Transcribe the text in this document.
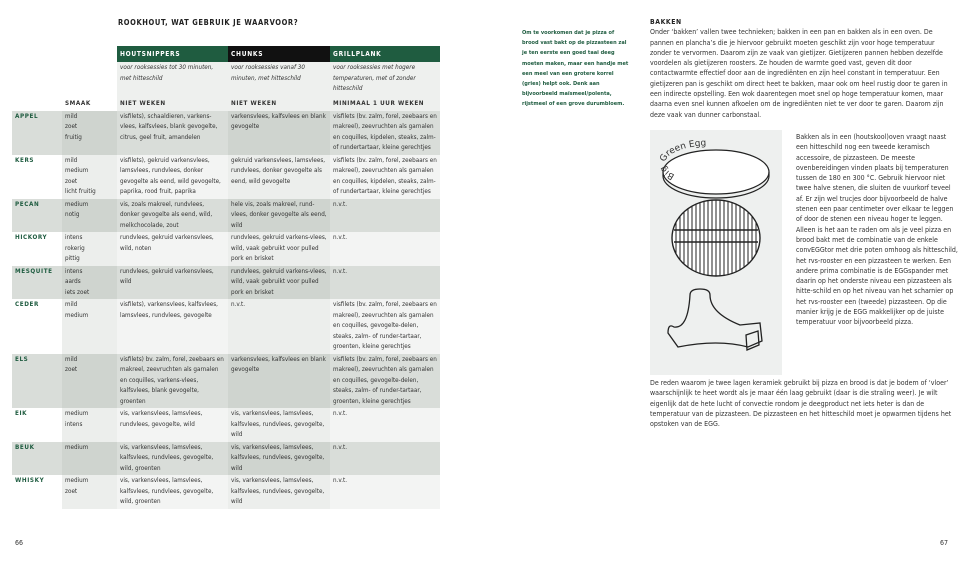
ROOKHOUT, WAT GEBRUIK JE WAARVOOR?
		HOUTSNIPPERS	CHUNKS	GRILLPLANK
		voor rooksessies tot 30 minuten, met hitteschild	voor rooksessies vanaf 30 minuten, met hitteschild	voor rooksessies met hogere temperaturen, met of zonder hitteschild
	SMAAK	NIET WEKEN	NIET WEKEN	MINIMAAL 1 UUR WEKEN
APPEL	mild
zoet
fruitig	visfilets), schaaldieren, varkens-vlees, kalfsvlees, blank gevogelte, citrus, geel fruit, amandelen	varkensvlees, kalfsvlees en blank gevogelte	visfilets (bv. zalm, forel, zeebaars en makreel), zeevruchten als garnalen en coquilles, kipdelen, steaks, zalm- of rundertartaar, kleine gerechtjes
KERS	mild
medium
zoet
licht fruitig	visfilets), gekruid varkensvlees, lamsvlees, rundvlees, donker gevogelte als eend, wild gevogelte, paprika, rood fruit, paprika	gekruid varkensvlees, lamsvlees, rundvlees, donker gevogelte als eend, wild gevogelte	visfilets (bv. zalm, forel, zeebaars en makreel), zeevruchten als garnalen en coquilles, kipdelen, steaks, zalm- of rundertartaar, kleine gerechtjes
PECAN	medium
notig	vis, zoals makreel, rundvlees, donker gevogelte als eend, wild, melkchocolade, zout	hele vis, zoals makreel, rund-vlees, donker gevogelte als eend, wild	n.v.t.
HICKORY	intens
rokerig
pittig	rundvlees, gekruid varkensvlees, wild, noten	rundvlees, gekruid varkens-vlees, wild, vaak gebruikt voor pulled pork en brisket	n.v.t.
MESQUITE	intens
aards
iets zoet	rundvlees, gekruid varkensvlees, wild	rundvlees, gekruid varkens-vlees, wild, vaak gebruikt voor pulled pork en brisket	n.v.t.
CEDER	mild
medium	visfilets), varkensvlees, kalfsvlees, lamsvlees, rundvlees, gevogelte	n.v.t.	visfilets (bv. zalm, forel, zeebaars en makreel), zeevruchten als garnalen en coquilles, gevogelte-delen, steaks, zalm- of runder-tartaar, groenten, kleine gerechtjes
ELS	mild
zoet	visfilets) bv. zalm, forel, zeebaars en makreel, zeevruchten als garnalen en coquilles, varkens-vlees, kalfsvlees, blank gevogelte, groenten	varkensvlees, kalfsvlees en blank gevogelte	visfilets (bv. zalm, forel, zeebaars en makreel), zeevruchten als garnalen en coquilles, gevogelte-delen, steaks, zalm- of runder-tartaar, groenten, kleine gerechtjes
EIK	medium
intens	vis, varkensvlees, lamsvlees, rundvlees, gevogelte, wild	vis, varkensvlees, lamsvlees, kalfsvlees, rundvlees, gevogelte, wild	n.v.t.
BEUK	medium	vis, varkensvlees, lamsvlees, kalfsvlees, rundvlees, gevogelte, wild, groenten	vis, varkensvlees, lamsvlees, kalfsvlees, rundvlees, gevogelte, wild	n.v.t.
WHISKY	medium
zoet	vis, varkensvlees, lamsvlees, kalfsvlees, rundvlees, gevogelte, wild, groenten	vis, varkensvlees, lamsvlees, kalfsvlees, rundvlees, gevogelte, wild	n.v.t.
66
Om te voorkomen dat je pizza of brood vast bakt op de pizzasteen zal je ten eerste een goed taai deeg moeten maken, maar een handje met een meel van een grotere korrel (gries) helpt ook. Denk aan bijvoorbeeld maïsmeel/polenta, rijstmeel of een grove durumbloem.
BAKKEN
Onder ‘bakken’ vallen twee technieken; bakken in een pan en bakken als in een oven. De pannen en plancha’s die je hiervoor gebruikt moeten geschikt zijn voor hoge temperatuur zonder te vervormen. Daarom zijn ze vaak van gietijzer. Gietijzeren pannen hebben dezelfde voordelen als gietijzeren roosters. Ze houden de warmte goed vast, geven dit door contactwarmte effectief door aan de ingrediënten en zijn heel constant in temperatuur. Een gietijzeren pan is geschikt om direct heet te bakken, maar ook om heel rustig door te garen in een indirecte opstelling. Een wok daarentegen moet snel op hoge temperatuur komen, maar daarna even snel kunnen afkoelen om de ingrediënten niet te ver door te garen. Daarom zijn deze vaak van dunner carbonstaal.
Big Green Egg
Bakken als in een (houtskool)oven vraagt naast een hitteschild nog een tweede keramisch accessoire, de pizzasteen. De meeste ovenbereidingen vinden plaats bij temperaturen tussen de 180 en 300 °C. Gebruik hiervoor niet twee halve stenen, die sluiten de vuurkorf teveel af. Er zijn wel trucjes door bijvoorbeeld de halve stenen een paar centimeter over elkaar te leggen of door de stenen een niveau hoger te leggen. Alleen is het aan te raden om als je veel pizza en brood bakt met de combinatie van de enkele convEGGtor met drie poten omhoog als hitteschild, het rvs-rooster en een pizzasteen te werken. Een andere prima combinatie is de EGGspander met daarin op het onderste niveau een pizzasteen als hitte-schild en op het niveau van het scharnier op het rvs-rooster een (tweede) pizzasteen. Op die manier krijg je de EGG makkelijker op de juiste temperatuur voor bijvoorbeeld pizza.
De reden waarom je twee lagen keramiek gebruikt bij pizza en brood is dat je bodem of ‘vloer’ waarschijnlijk te heet wordt als je maar één laag gebruikt (daar is die straling weer). Je wilt eigenlijk dat de hete lucht of convectie rondom je deegproduct net iets heter is dan de temperatuur van de pizzasteen. De pizzasteen en het hitteschild moet je opwarmen tijdens het opstoken van de EGG.
67
